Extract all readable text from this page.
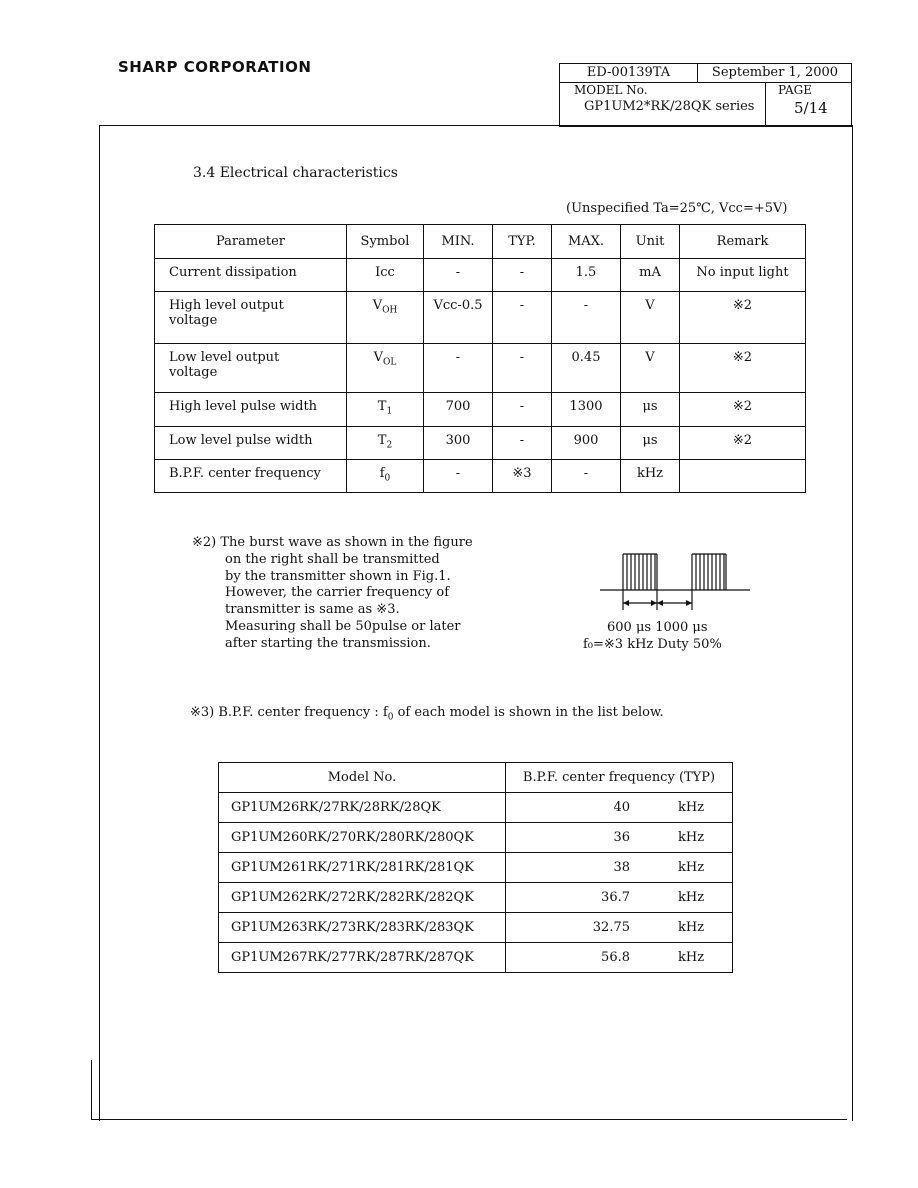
SHARP CORPORATION	ED-00139TA	September 1, 2000
MODEL No.
GP1UM2*RK/28QK series
PAGE
5/14
3.4 Electrical characteristics
(Unspecified Ta=25℃, Vcc=+5V)
Parameter	Symbol	MIN.	TYP.	MAX.	Unit	Remark
Current dissipation	Icc	-	-	1.5	mA	No input light

High level output
voltage	$V_{OH}$	Vcc-0.5	-	-	V	※2

Low level output
voltage	$V_{OL}$	-	-	0.45	V	※2
High level pulse width	$T_1$	700	-	1300	μs	※2
Low level pulse width	$T_2$	300	-	900	μs	※2
B.P.F. center frequency	$f_0$	-	※3	-	kHz	
※2) The burst wave as shown in the figure
on the right shall be transmitted
by the transmitter shown in Fig.1.
However, the carrier frequency of
transmitter is same as ※3.
Measuring shall be 50pulse or later
after starting the transmission.
600 μs 1000 μs
f₀=※3 kHz Duty 50%
※3) B.P.F. center frequency : $f_0$ of each model is shown in the list below.
Model No.	B.P.F. center frequency (TYP)
GP1UM26RK/27RK/28RK/28QK	40 kHz
GP1UM260RK/270RK/280RK/280QK	36 kHz
GP1UM261RK/271RK/281RK/281QK	38 kHz
GP1UM262RK/272RK/282RK/282QK	36.7 kHz
GP1UM263RK/273RK/283RK/283QK	32.75 kHz
GP1UM267RK/277RK/287RK/287QK	56.8 kHz
